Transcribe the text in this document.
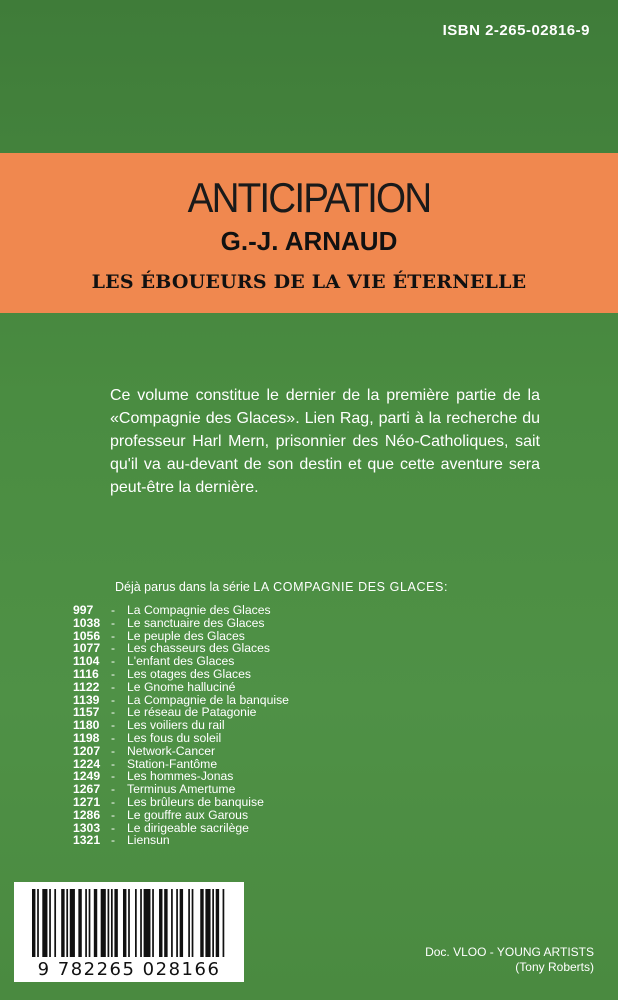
ISBN 2-265-02816-9
ANTICIPATION
G.-J. ARNAUD
LES ÉBOUEURS DE LA VIE ÉTERNELLE
Ce volume constitue le dernier de la première partie de la «Compagnie des Glaces». Lien Rag, parti à la recherche du professeur Harl Mern, prisonnier des Néo-Catholiques, sait qu'il va au-devant de son destin et que cette aventure sera peut-être la dernière.
Déjà parus dans la série LA COMPAGNIE DES GLACES:
997 - La Compagnie des Glaces
1038 - Le sanctuaire des Glaces
1056 - Le peuple des Glaces
1077 - Les chasseurs des Glaces
1104 - L'enfant des Glaces
1116 - Les otages des Glaces
1122 - Le Gnome halluciné
1139 - La Compagnie de la banquise
1157 - Le réseau de Patagonie
1180 - Les voiliers du rail
1198 - Les fous du soleil
1207 - Network-Cancer
1224 - Station-Fantôme
1249 - Les hommes-Jonas
1267 - Terminus Amertume
1271 - Les brûleurs de banquise
1286 - Le gouffre aux Garous
1303 - Le dirigeable sacrilège
1321 - Liensun
9 782265 028166
Doc. VLOO - YOUNG ARTISTS
(Tony Roberts)
